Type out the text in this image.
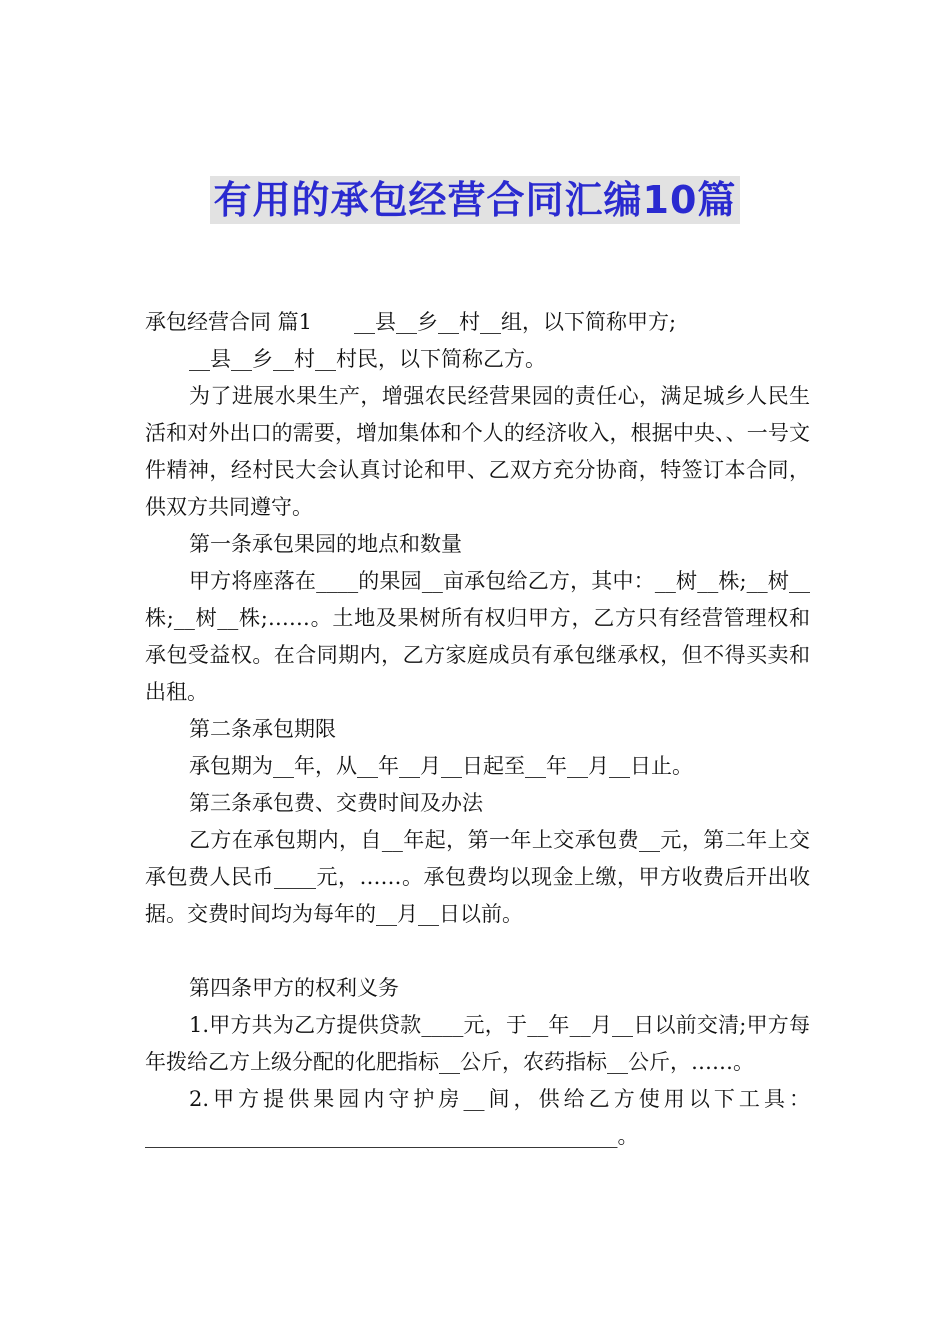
有用的承包经营合同汇编10篇

承包经营合同 篇1　　__县__乡__村__组，以下简称甲方;

__县__乡__村__村民，以下简称乙方。

为了进展水果生产，增强农民经营果园的责任心，满足城乡人民生活和对外出口的需要，增加集体和个人的经济收入，根据中央、、一号文件精神，经村民大会认真讨论和甲、乙双方充分协商，特签订本合同，供双方共同遵守。

第一条承包果园的地点和数量

甲方将座落在____的果园__亩承包给乙方，其中：__树__株;__树__株;__树__株;……。土地及果树所有权归甲方，乙方只有经营管理权和承包受益权。在合同期内，乙方家庭成员有承包继承权，但不得买卖和出租。

第二条承包期限

承包期为__年，从__年__月__日起至__年__月__日止。

第三条承包费、交费时间及办法

乙方在承包期内，自__年起，第一年上交承包费__元，第二年上交承包费人民币____元，……。承包费均以现金上缴，甲方收费后开出收据。交费时间均为每年的__月__日以前。

第四条甲方的权利义务

1.甲方共为乙方提供贷款____元，于__年__月__日以前交清;甲方每年拨给乙方上级分配的化肥指标__公斤，农药指标__公斤，……。

2.甲方提供果园内守护房__间，供给乙方使用以下工具：_____________________________________________。
